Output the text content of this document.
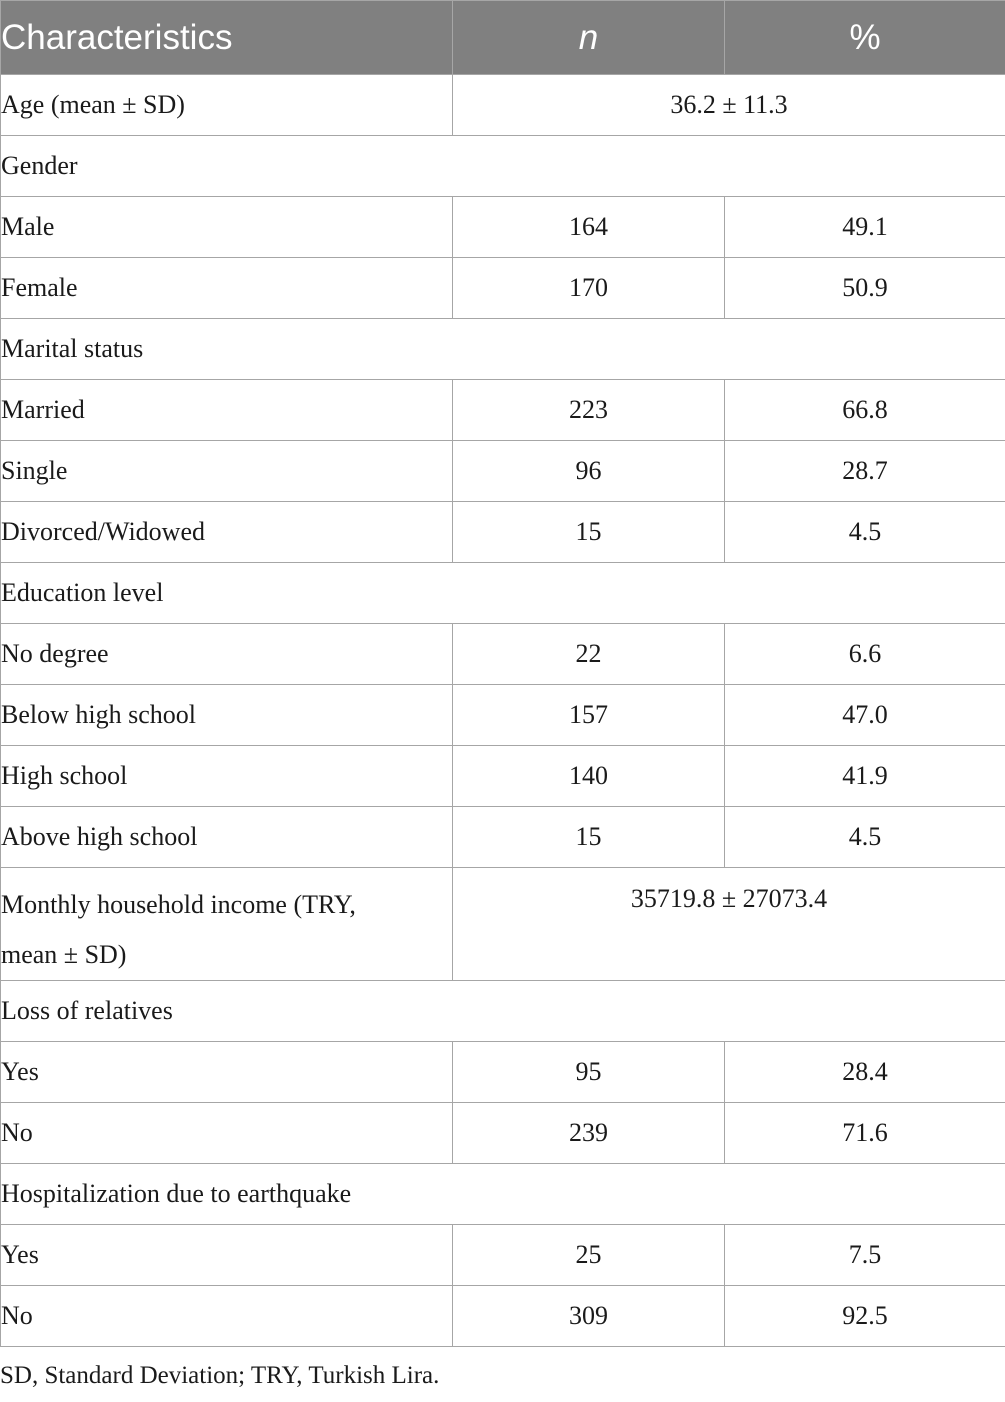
Characteristics	n	%
Age (mean ± SD)	36.2 ± 11.3	
Gender		
Male	164	49.1
Female	170	50.9
Marital status		
Married	223	66.8
Single	96	28.7
Divorced/Widowed	15	4.5
Education level		
No degree	22	6.6
Below high school	157	47.0
High school	140	41.9
Above high school	15	4.5
Monthly household income (TRY,
mean ± SD)	35719.8 ± 27073.4	
Loss of relatives		
Yes	95	28.4
No	239	71.6
Hospitalization due to earthquake		
Yes	25	7.5
No	309	92.5
SD, Standard Deviation; TRY, Turkish Lira.
